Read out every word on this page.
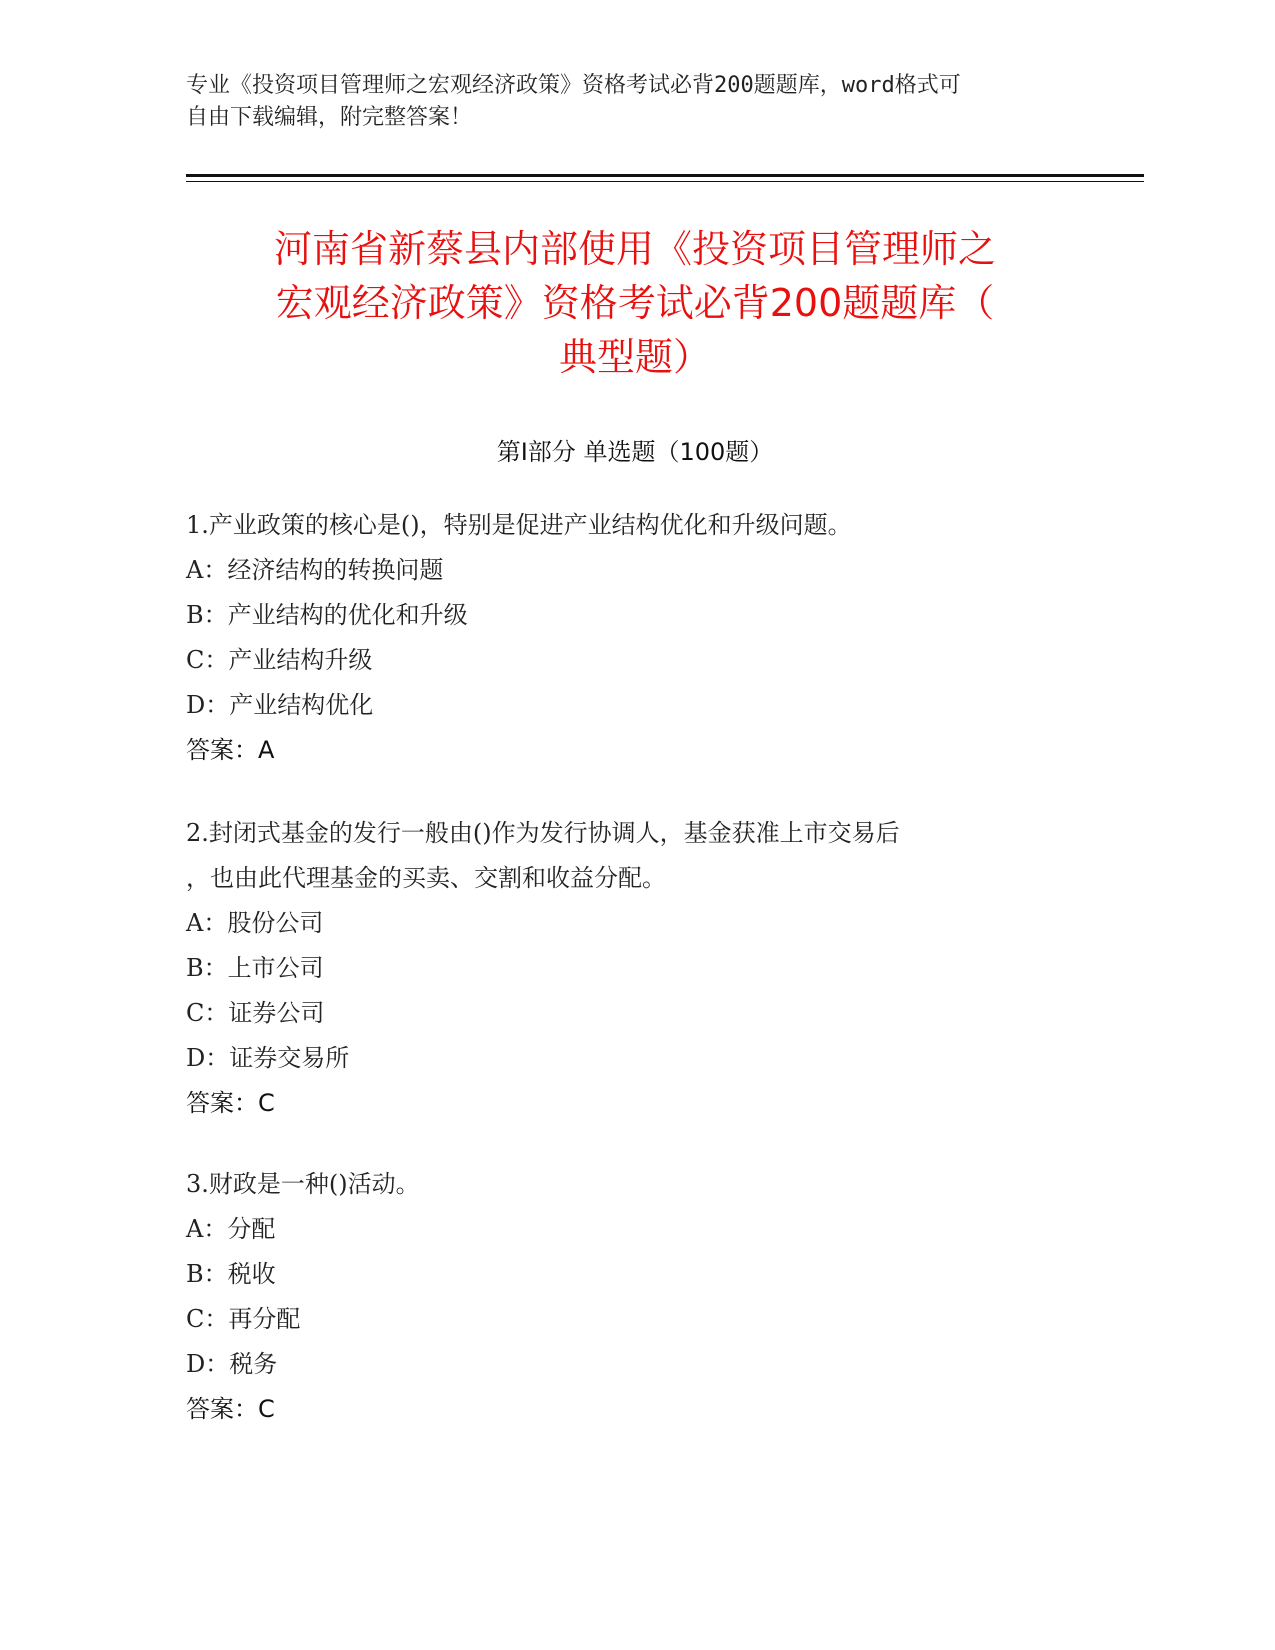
专业《投资项目管理师之宏观经济政策》资格考试必背200题题库，word格式可
自由下载编辑，附完整答案！
河南省新蔡县内部使用《投资项目管理师之
宏观经济政策》资格考试必背200题题库（
典型题）
第Ⅰ部分 单选题（100题）
1.产业政策的核心是()，特别是促进产业结构优化和升级问题。
A：经济结构的转换问题
B：产业结构的优化和升级
C：产业结构升级
D：产业结构优化
答案：A
2.封闭式基金的发行一般由()作为发行协调人，基金获准上市交易后
，也由此代理基金的买卖、交割和收益分配。
A：股份公司
B：上市公司
C：证券公司
D：证券交易所
答案：C
3.财政是一种()活动。
A：分配
B：税收
C：再分配
D：税务
答案：C
